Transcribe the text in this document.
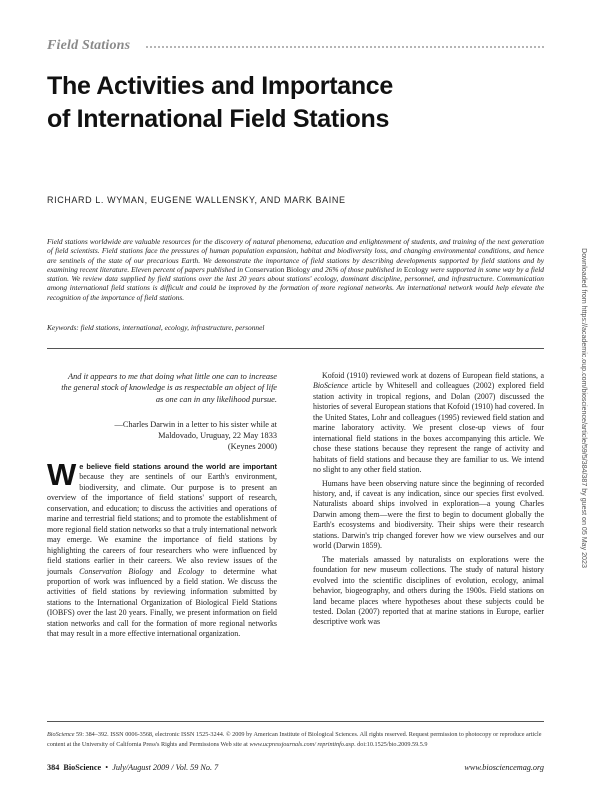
Field Stations
The Activities and Importance
of International Field Stations
RICHARD L. WYMAN, EUGENE WALLENSKY, AND MARK BAINE
Field stations worldwide are valuable resources for the discovery of natural phenomena, education and enlightenment of students, and training of the next generation of field scientists. Field stations face the pressures of human population expansion, habitat and biodiversity loss, and changing environmental conditions, and hence are sentinels of the state of our precarious Earth. We demonstrate the importance of field stations by describing developments supported by field stations and by examining recent literature. Eleven percent of papers published in Conservation Biology and 26% of those published in Ecology were supported in some way by a field station. We review data supplied by field stations over the last 20 years about stations' ecology, dominant discipline, personnel, and infrastructure. Communication among international field stations is difficult and could be improved by the formation of more regional networks. An international network would help elevate the recognition of the importance of field stations.
Keywords: field stations, international, ecology, infrastructure, personnel
And it appears to me that doing what little one can to increase the general stock of knowledge is as respectable an object of life as one can in any likelihood pursue.
—Charles Darwin in a letter to his sister while at
Maldovado, Uruguay, 22 May 1833
(Keynes 2000)

We believe field stations around the world are important because they are sentinels of our Earth's environment, biodiversity, and climate. Our purpose is to present an overview of the importance of field stations' support of research, conservation, and education; to discuss the activities and operations of marine and terrestrial field stations; and to promote the establishment of more regional field station networks so that a truly international network may emerge. We examine the importance of field stations by highlighting the careers of four researchers who were influenced by field stations earlier in their careers. We also review issues of the journals Conservation Biology and Ecology to determine what proportion of work was influenced by a field station. We discuss the activities of field stations by reviewing information submitted by stations to the International Organization of Biological Field Stations (IOBFS) over the last 20 years. Finally, we present information on field station networks and call for the formation of more regional networks that may result in a more effective international organization.

Kofoid (1910) reviewed work at dozens of European field stations, a BioScience article by Whitesell and colleagues (2002) explored field station activity in tropical regions, and Dolan (2007) discussed the histories of several European stations that Kofoid (1910) had covered. In the United States, Lohr and colleagues (1995) reviewed field station and marine laboratory activity. We present close-up views of four international field stations in the boxes accompanying this article. We chose these stations because they represent the range of activity and habitats of field stations and because they are familiar to us. We intend no slight to any other field station.

Humans have been observing nature since the beginning of recorded history, and, if caveat is any indication, since our species first evolved. Naturalists aboard ships involved in exploration—a young Charles Darwin among them—were the first to begin to document globally the Earth's ecosystems and biodiversity. Their ships were their research stations. Darwin's trip changed forever how we view ourselves and our world (Darwin 1859).

The materials amassed by naturalists on explorations were the foundation for new museum collections. The study of natural history evolved into the scientific disciplines of evolution, ecology, animal behavior, biogeography, and others during the 1900s. Field stations on land became places where hypotheses about these subjects could be tested. Dolan (2007) reported that at marine stations in Europe, earlier descriptive work was

BioScience 59: 384–392. ISSN 0006-3568, electronic ISSN 1525-3244. © 2009 by American Institute of Biological Sciences. All rights reserved. Request permission to photocopy or reproduce article content at the University of California Press's Rights and Permissions Web site at www.ucpressjournals.com/ reprintinfo.asp. doi:10.1525/bio.2009.59.5.9
384 BioScience  •  July/August 2009 / Vol. 59 No. 7	www.biosciencemag.org
Downloaded from https://academic.oup.com/bioscience/article/59/5/384/387 by guest on 05 May 2023
